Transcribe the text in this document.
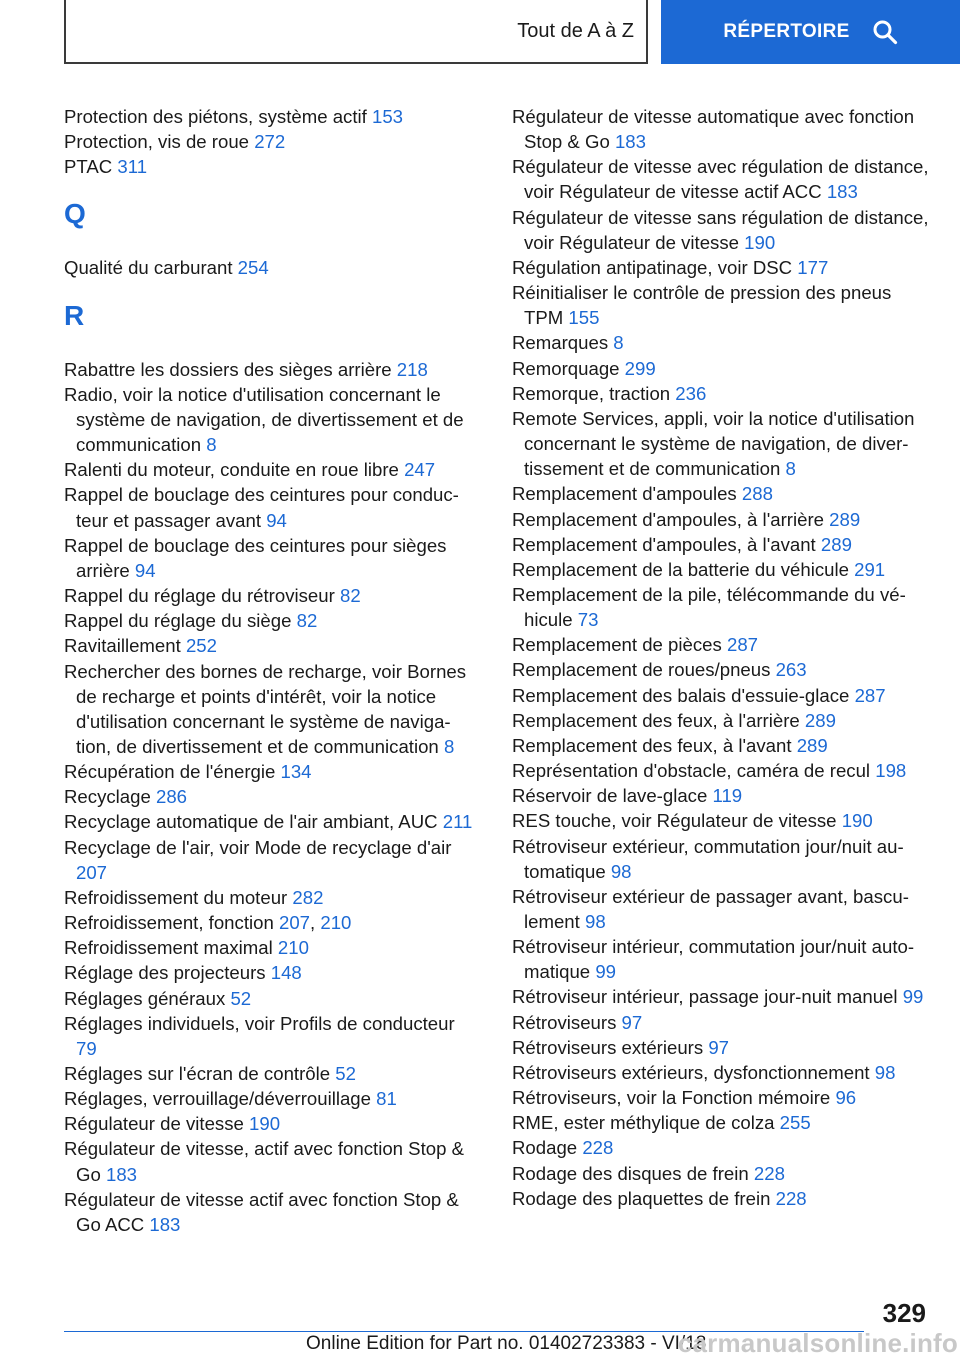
Tout de A à Z	RÉPERTOIRE
Protection des piétons, système actif 153
Protection, vis de roue 272
PTAC 311
Q
Qualité du carburant 254
R
Rabattre les dossiers des sièges arrière 218
Radio, voir la notice d'utilisation concernant le système de navigation, de divertissement et de communication 8
Ralenti du moteur, conduite en roue libre 247
Rappel de bouclage des ceintures pour conducteur et passager avant 94
Rappel de bouclage des ceintures pour sièges arrière 94
Rappel du réglage du rétroviseur 82
Rappel du réglage du siège 82
Ravitaillement 252
Rechercher des bornes de recharge, voir Bornes de recharge et points d'intérêt, voir la notice d'utilisation concernant le système de navigation, de divertissement et de communication 8
Récupération de l'énergie 134
Recyclage 286
Recyclage automatique de l'air ambiant, AUC 211
Recyclage de l'air, voir Mode de recyclage d'air 207
Refroidissement du moteur 282
Refroidissement, fonction 207, 210
Refroidissement maximal 210
Réglage des projecteurs 148
Réglages généraux 52
Réglages individuels, voir Profils de conducteur 79
Réglages sur l'écran de contrôle 52
Réglages, verrouillage/déverrouillage 81
Régulateur de vitesse 190
Régulateur de vitesse, actif avec fonction Stop & Go 183
Régulateur de vitesse actif avec fonction Stop & Go ACC 183
Régulateur de vitesse automatique avec fonction Stop & Go 183
Régulateur de vitesse avec régulation de distance, voir Régulateur de vitesse actif ACC 183
Régulateur de vitesse sans régulation de distance, voir Régulateur de vitesse 190
Régulation antipatinage, voir DSC 177
Réinitialiser le contrôle de pression des pneus TPM 155
Remarques 8
Remorquage 299
Remorque, traction 236
Remote Services, appli, voir la notice d'utilisation concernant le système de navigation, de divertissement et de communication 8
Remplacement d'ampoules 288
Remplacement d'ampoules, à l'arrière 289
Remplacement d'ampoules, à l'avant 289
Remplacement de la batterie du véhicule 291
Remplacement de la pile, télécommande du véhicule 73
Remplacement de pièces 287
Remplacement de roues/pneus 263
Remplacement des balais d'essuie-glace 287
Remplacement des feux, à l'arrière 289
Remplacement des feux, à l'avant 289
Représentation d'obstacle, caméra de recul 198
Réservoir de lave-glace 119
RES touche, voir Régulateur de vitesse 190
Rétroviseur extérieur, commutation jour/nuit automatique 98
Rétroviseur extérieur de passager avant, basculement 98
Rétroviseur intérieur, commutation jour/nuit automatique 99
Rétroviseur intérieur, passage jour-nuit manuel 99
Rétroviseurs 97
Rétroviseurs extérieurs 97
Rétroviseurs extérieurs, dysfonctionnement 98
Rétroviseurs, voir la Fonction mémoire 96
RME, ester méthylique de colza 255
Rodage 228
Rodage des disques de frein 228
Rodage des plaquettes de frein 228
329
Online Edition for Part no. 01402723383 - VI/18
carmanualsonline.info
